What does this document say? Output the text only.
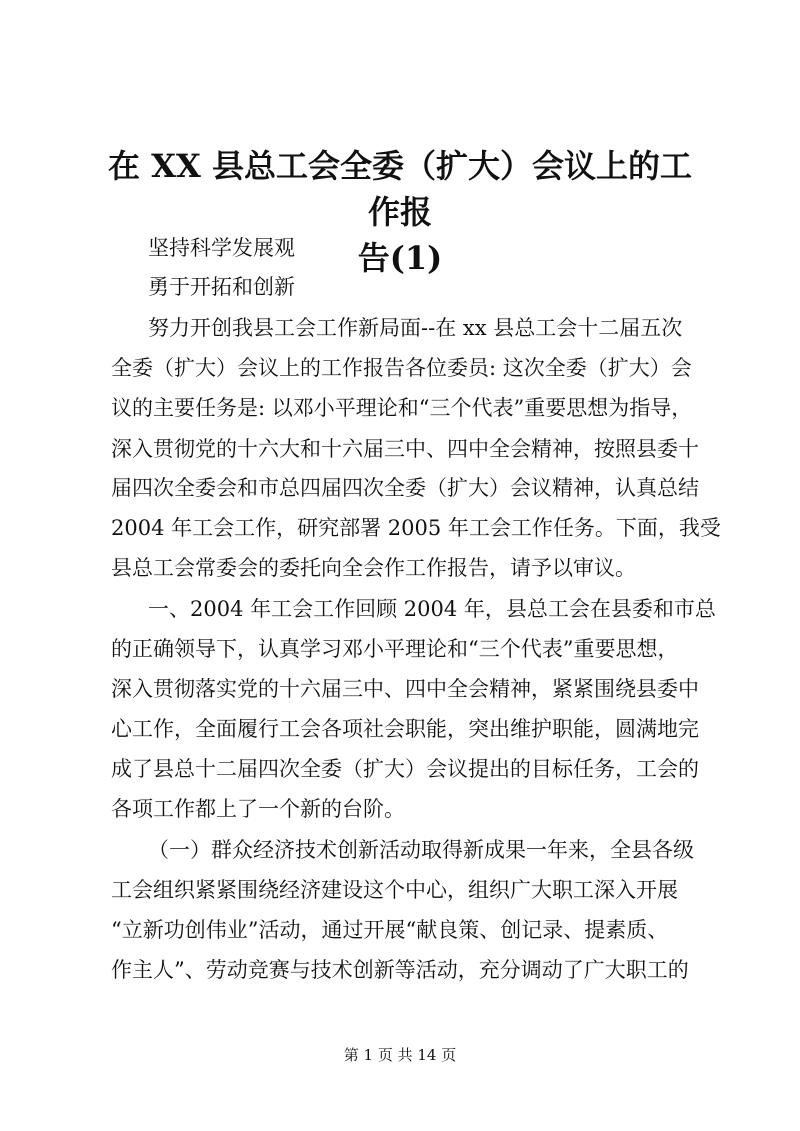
在 XX 县总工会全委（扩大）会议上的工作报
告(1)
坚持科学发展观
勇于开拓和创新
努力开创我县工会工作新局面--在 xx 县总工会十二届五次
全委（扩大）会议上的工作报告各位委员: 这次全委（扩大）会
议的主要任务是: 以邓小平理论和“三个代表”重要思想为指导，
深入贯彻党的十六大和十六届三中、四中全会精神，按照县委十
届四次全委会和市总四届四次全委（扩大）会议精神，认真总结
2004 年工会工作，研究部署 2005 年工会工作任务。下面，我受
县总工会常委会的委托向全会作工作报告，请予以审议。
一、2004 年工会工作回顾 2004 年，县总工会在县委和市总
的正确领导下，认真学习邓小平理论和“三个代表”重要思想，
深入贯彻落实党的十六届三中、四中全会精神，紧紧围绕县委中
心工作，全面履行工会各项社会职能，突出维护职能，圆满地完
成了县总十二届四次全委（扩大）会议提出的目标任务，工会的
各项工作都上了一个新的台阶。
（一）群众经济技术创新活动取得新成果一年来，全县各级
工会组织紧紧围绕经济建设这个中心，组织广大职工深入开展
“立新功创伟业”活动，通过开展“献良策、创记录、提素质、
作主人”、劳动竞赛与技术创新等活动，充分调动了广大职工的
第 1 页 共 14 页
